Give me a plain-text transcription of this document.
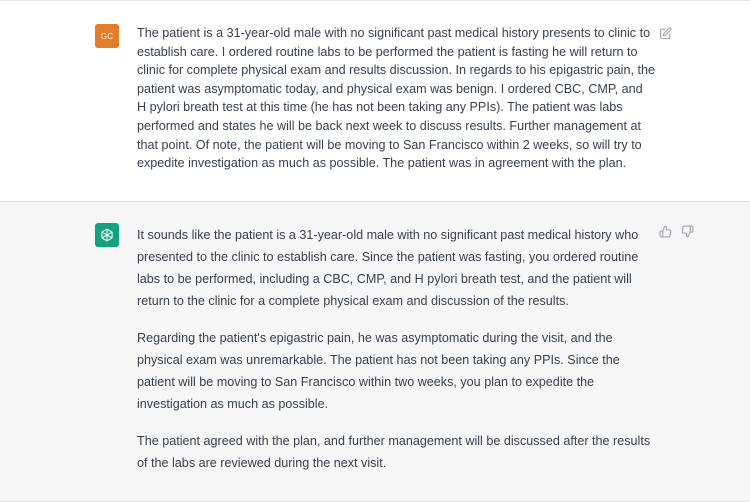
GC The patient is a 31-year-old male with no significant past medical history presents to clinic to establish care. I ordered routine labs to be performed the patient is fasting he will return to clinic for complete physical exam and results discussion. In regards to his epigastric pain, the patient was asymptomatic today, and physical exam was benign. I ordered CBC, CMP, and H pylori breath test at this time (he has not been taking any PPIs). The patient was labs performed and states he will be back next week to discuss results. Further management at that point. Of note, the patient will be moving to San Francisco within 2 weeks, so will try to expedite investigation as much as possible. The patient was in agreement with the plan.

It sounds like the patient is a 31-year-old male with no significant past medical history who presented to the clinic to establish care. Since the patient was fasting, you ordered routine labs to be performed, including a CBC, CMP, and H pylori breath test, and the patient will return to the clinic for a complete physical exam and discussion of the results.

Regarding the patient's epigastric pain, he was asymptomatic during the visit, and the physical exam was unremarkable. The patient has not been taking any PPIs. Since the patient will be moving to San Francisco within two weeks, you plan to expedite the investigation as much as possible.

The patient agreed with the plan, and further management will be discussed after the results of the labs are reviewed during the next visit.
